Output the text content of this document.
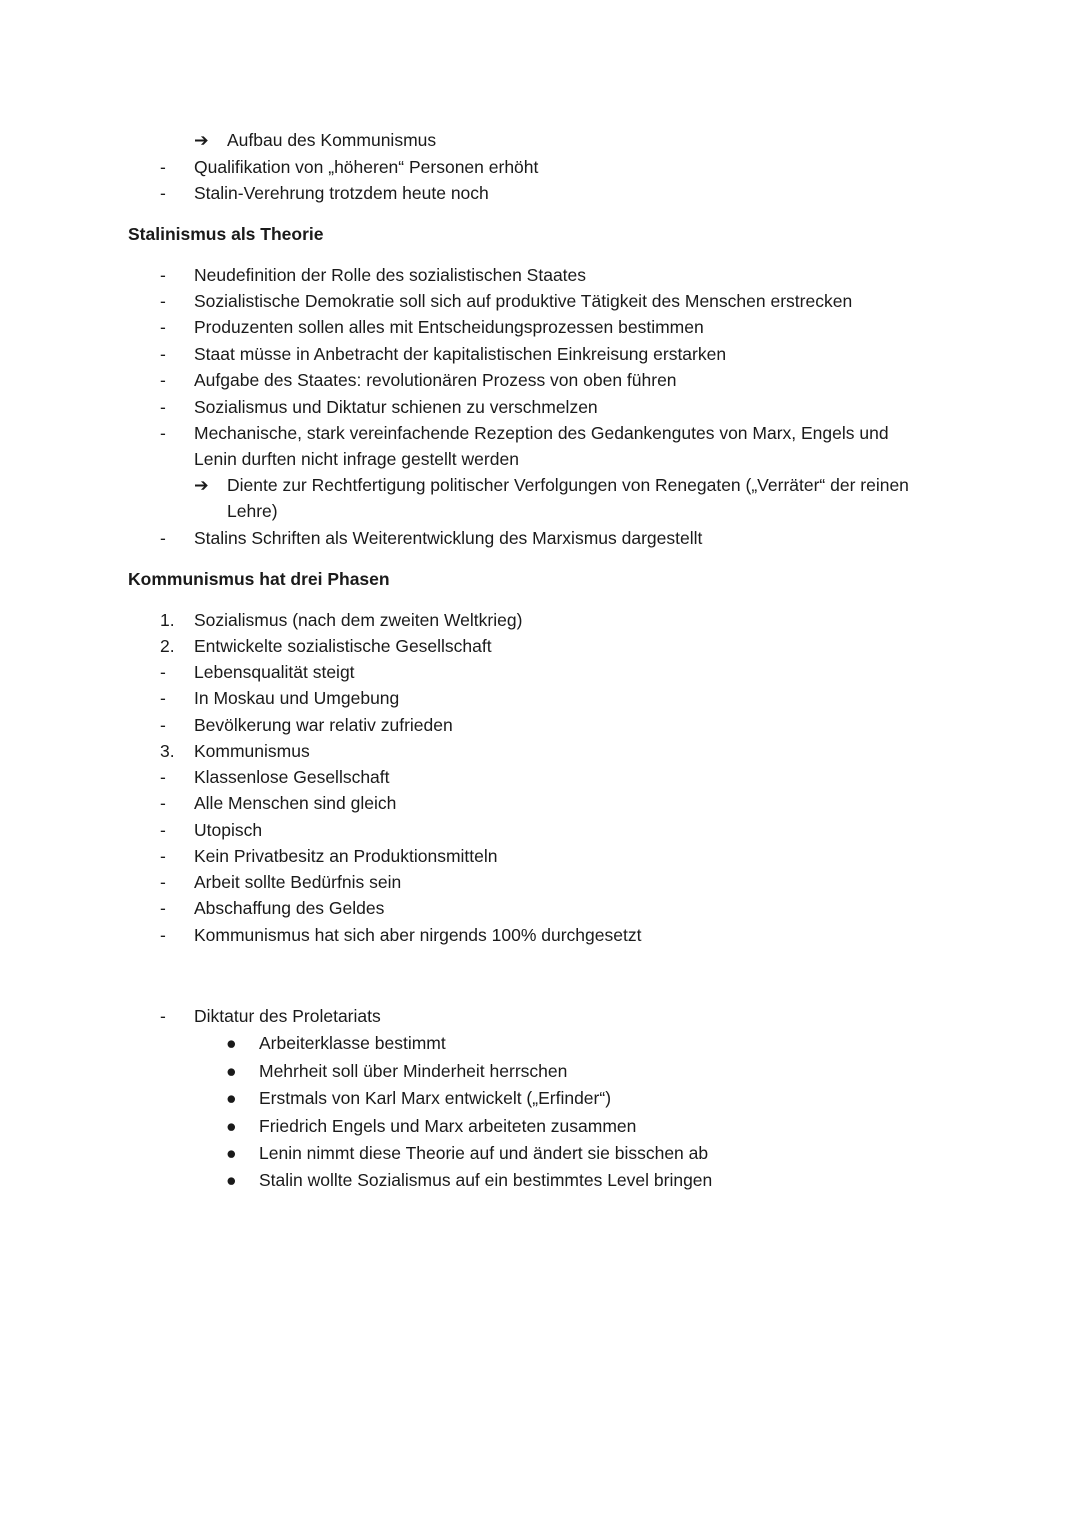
➔ Aufbau des Kommunismus
- Qualifikation von „höheren“ Personen erhöht
- Stalin-Verehrung trotzdem heute noch
Stalinismus als Theorie
- Neudefinition der Rolle des sozialistischen Staates
- Sozialistische Demokratie soll sich auf produktive Tätigkeit des Menschen erstrecken
- Produzenten sollen alles mit Entscheidungsprozessen bestimmen
- Staat müsse in Anbetracht der kapitalistischen Einkreisung erstarken
- Aufgabe des Staates: revolutionären Prozess von oben führen
- Sozialismus und Diktatur schienen zu verschmelzen
- Mechanische, stark vereinfachende Rezeption des Gedankengutes von Marx, Engels und
Lenin durften nicht infrage gestellt werden
➔ Diente zur Rechtfertigung politischer Verfolgungen von Renegaten („Verräter“ der reinen
Lehre)
- Stalins Schriften als Weiterentwicklung des Marxismus dargestellt
Kommunismus hat drei Phasen
1. Sozialismus (nach dem zweiten Weltkrieg)
2. Entwickelte sozialistische Gesellschaft
- Lebensqualität steigt
- In Moskau und Umgebung
- Bevölkerung war relativ zufrieden
3. Kommunismus
- Klassenlose Gesellschaft
- Alle Menschen sind gleich
- Utopisch
- Kein Privatbesitz an Produktionsmitteln
- Arbeit sollte Bedürfnis sein
- Abschaffung des Geldes
- Kommunismus hat sich aber nirgends 100% durchgesetzt
- Diktatur des Proletariats
● Arbeiterklasse bestimmt
● Mehrheit soll über Minderheit herrschen
● Erstmals von Karl Marx entwickelt („Erfinder“)
● Friedrich Engels und Marx arbeiteten zusammen
● Lenin nimmt diese Theorie auf und ändert sie bisschen ab
● Stalin wollte Sozialismus auf ein bestimmtes Level bringen
